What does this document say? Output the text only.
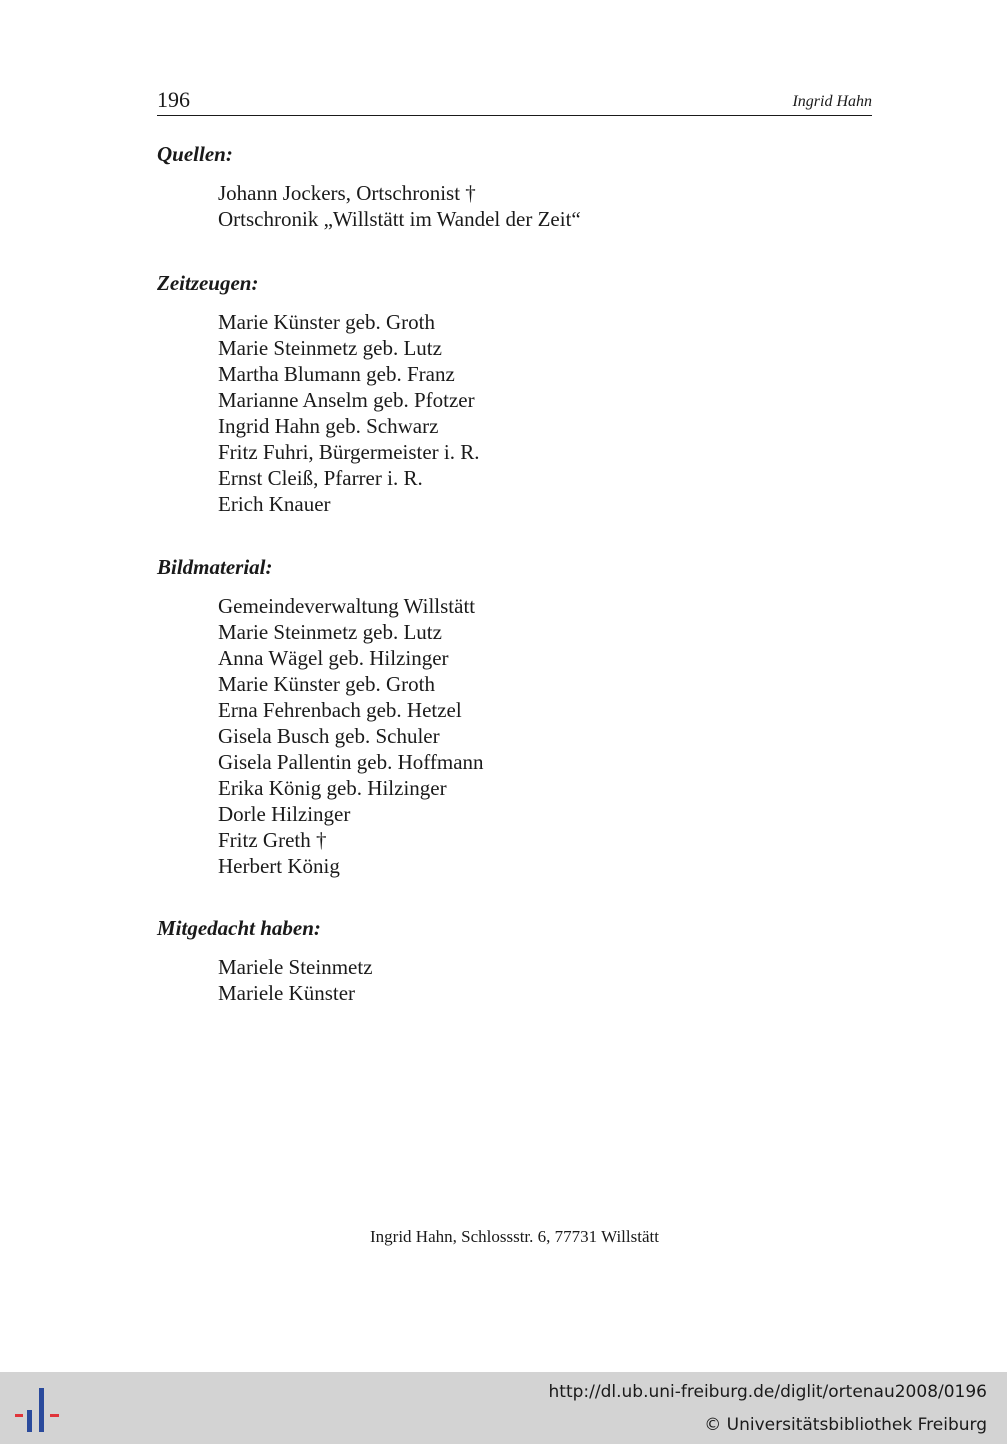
196	Ingrid Hahn
Quellen:
Johann Jockers, Ortschronist †
Ortschronik „Willstätt im Wandel der Zeit“
Zeitzeugen:
Marie Künster geb. Groth
Marie Steinmetz geb. Lutz
Martha Blumann geb. Franz
Marianne Anselm geb. Pfotzer
Ingrid Hahn geb. Schwarz
Fritz Fuhri, Bürgermeister i. R.
Ernst Cleiß, Pfarrer i. R.
Erich Knauer
Bildmaterial:
Gemeindeverwaltung Willstätt
Marie Steinmetz geb. Lutz
Anna Wägel geb. Hilzinger
Marie Künster geb. Groth
Erna Fehrenbach geb. Hetzel
Gisela Busch geb. Schuler
Gisela Pallentin geb. Hoffmann
Erika König geb. Hilzinger
Dorle Hilzinger
Fritz Greth †
Herbert König
Mitgedacht haben:
Mariele Steinmetz
Mariele Künster
Ingrid Hahn, Schlossstr. 6, 77731 Willstätt
http://dl.ub.uni-freiburg.de/diglit/ortenau2008/0196
© Universitätsbibliothek Freiburg
